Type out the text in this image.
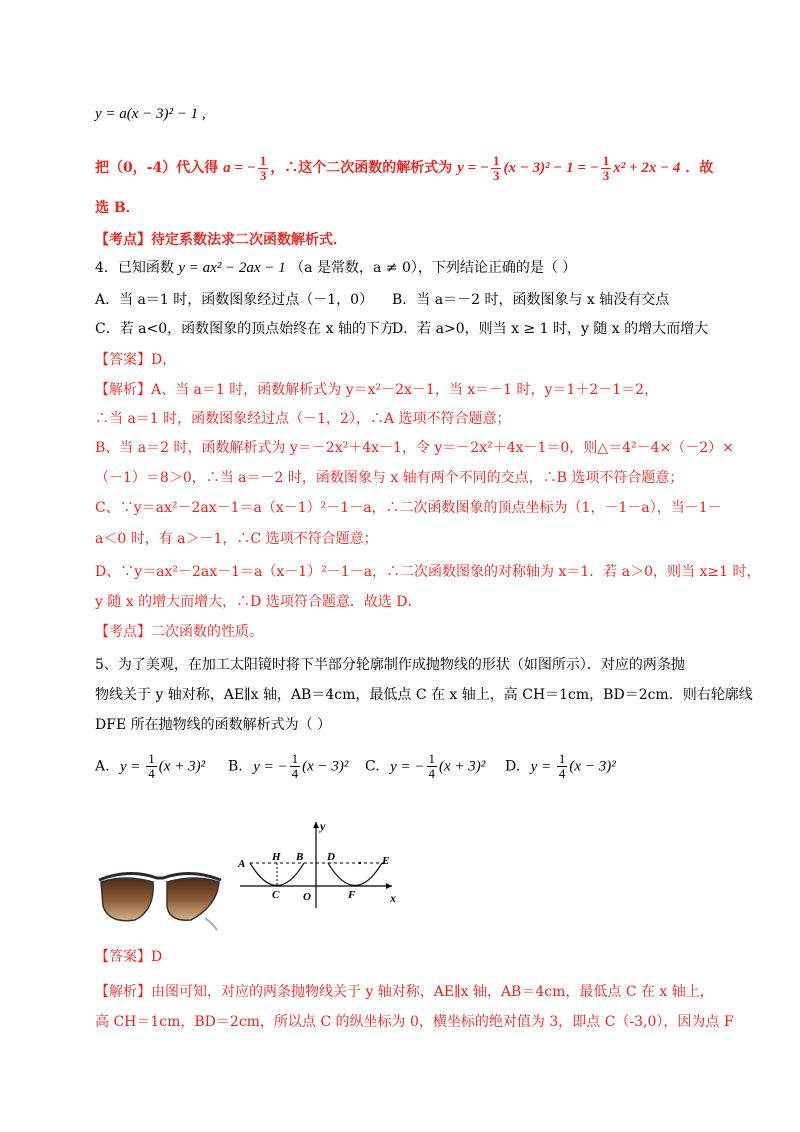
y = a(x − 3)² − 1 ,
把（0，-4）代入得 a = − $\frac{1}{3}$ ，∴这个二次函数的解析式为 y = − $\frac{1}{3} (x - 3)^2 - 1$ = − $\frac{1}{3} x^2 + 2x - 4$ ．故
选 B．
【考点】待定系数法求二次函数解析式．
4．已知函数 y = ax² − 2ax − 1 （a 是常数，a ≠ 0），下列结论正确的是（ ）
A．当 a＝1 时，函数图象经过点（－1，0） B．当 a＝－2 时，函数图象与 x 轴没有交点
C．若 a<0，函数图象的顶点始终在 x 轴的下方
D．若 a>0，则当 x ≥ 1 时，y 随 x 的增大而增大
【答案】D，
【解析】A、当 a＝1 时，函数解析式为 y＝x²－2x－1，当 x＝－1 时，y＝1＋2－1＝2，
∴当 a＝1 时，函数图象经过点（－1，2），∴A 选项不符合题意；
B、当 a＝2 时，函数解析式为 y＝－2x²＋4x－1，令 y＝－2x²＋4x－1＝0，则△＝4²－4×（－2）×
（－1）＝8＞0，∴当 a＝－2 时，函数图象与 x 轴有两个不同的交点，∴B 选项不符合题意；
C、∵y＝ax²－2ax－1＝a（x－1）²－1－a，∴二次函数图象的顶点坐标为（1，－1－a），当－1－
a＜0 时，有 a＞－1，∴C 选项不符合题意；
D、∵y＝ax²－2ax－1＝a（x－1）²－1－a，∴二次函数图象的对称轴为 x＝1．若 a＞0，则当 x≥1 时，
y 随 x 的增大而增大，∴D 选项符合题意．故选 D．
【考点】二次函数的性质。
5、为了美观，在加工太阳镜时将下半部分轮廓制作成抛物线的形状（如图所示）．对应的两条抛
物线关于 y 轴对称，AE∥x 轴，AB＝4cm，最低点 C 在 x 轴上，高 CH＝1cm，BD＝2cm．则右轮廓线
DFE 所在抛物线的函数解析式为（ ）
A. $y = \frac{1}{4} (x + 3)^2$ B. y = − $\frac{1}{4} (x - 3)^2$ C. y = − $\frac{1}{4} (x + 3)^2$ D. $y = \frac{1}{4} (x - 3)^2$
y
x
A
H B D	E
C O	F
【答案】D
【解析】由图可知，对应的两条抛物线关于 y 轴对称，AE∥x 轴，AB＝4cm，最低点 C 在 x 轴上，
高 CH＝1cm，BD＝2cm，所以点 C 的纵坐标为 0，横坐标的绝对值为 3，即点 C（-3,0），因为点 F
